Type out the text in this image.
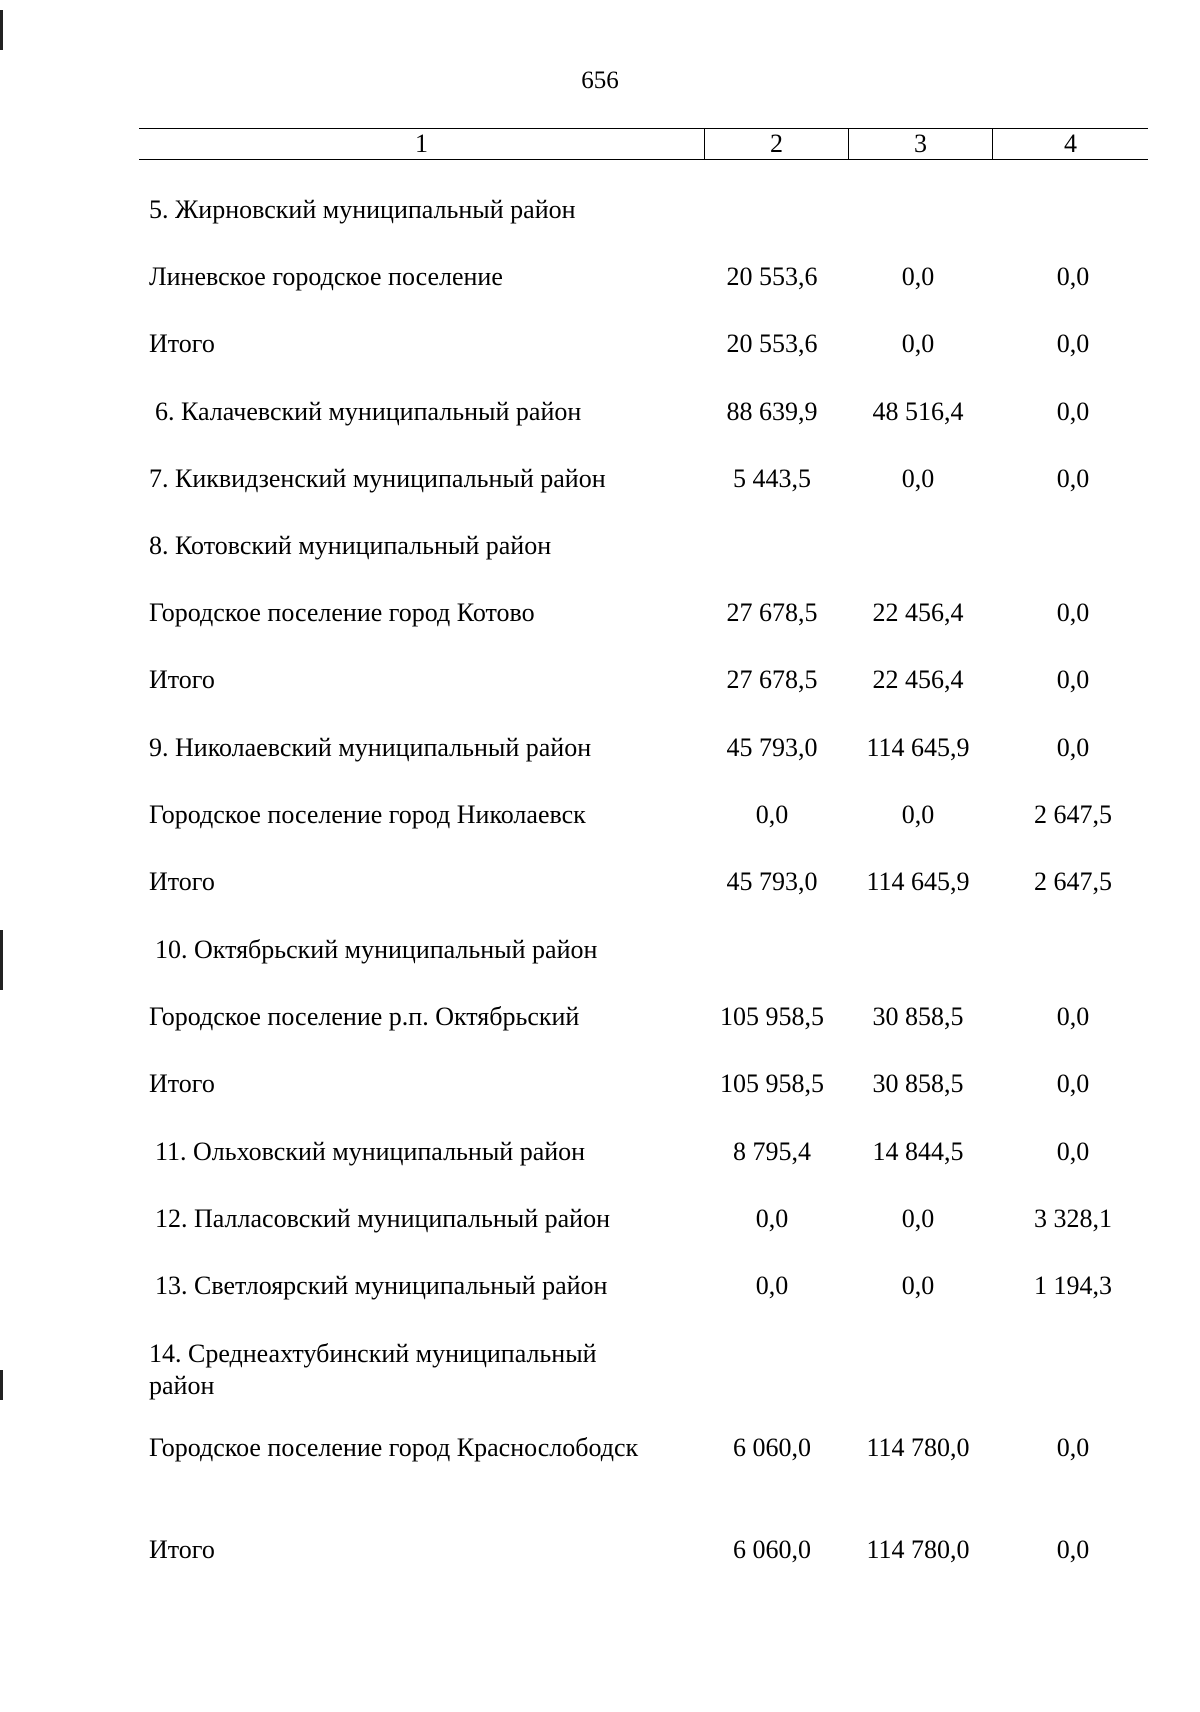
656
1	2	3	4
5. Жирновский муниципальный район
Линевское городское поселение	20 553,6	0,0	0,0
Итого	20 553,6	0,0	0,0
6. Калачевский муниципальный район	88 639,9	48 516,4	0,0
7. Киквидзенский муниципальный район	5 443,5	0,0	0,0
8. Котовский муниципальный район
Городское поселение город Котово	27 678,5	22 456,4	0,0
Итого	27 678,5	22 456,4	0,0
9. Николаевский муниципальный район	45 793,0	114 645,9	0,0
Городское поселение город Николаевск	0,0	0,0	2 647,5
Итого	45 793,0	114 645,9	2 647,5
10. Октябрьский муниципальный район
Городское поселение р.п. Октябрьский	105 958,5	30 858,5	0,0
Итого	105 958,5	30 858,5	0,0
11. Ольховский муниципальный район	8 795,4	14 844,5	0,0
12. Палласовский муниципальный район	0,0	0,0	3 328,1
13. Светлоярский муниципальный район	0,0	0,0	1 194,3
14. Среднеахтубинский муниципальный район
Городское поселение город Краснослободск	6 060,0	114 780,0	0,0
Итого	6 060,0	114 780,0	0,0
